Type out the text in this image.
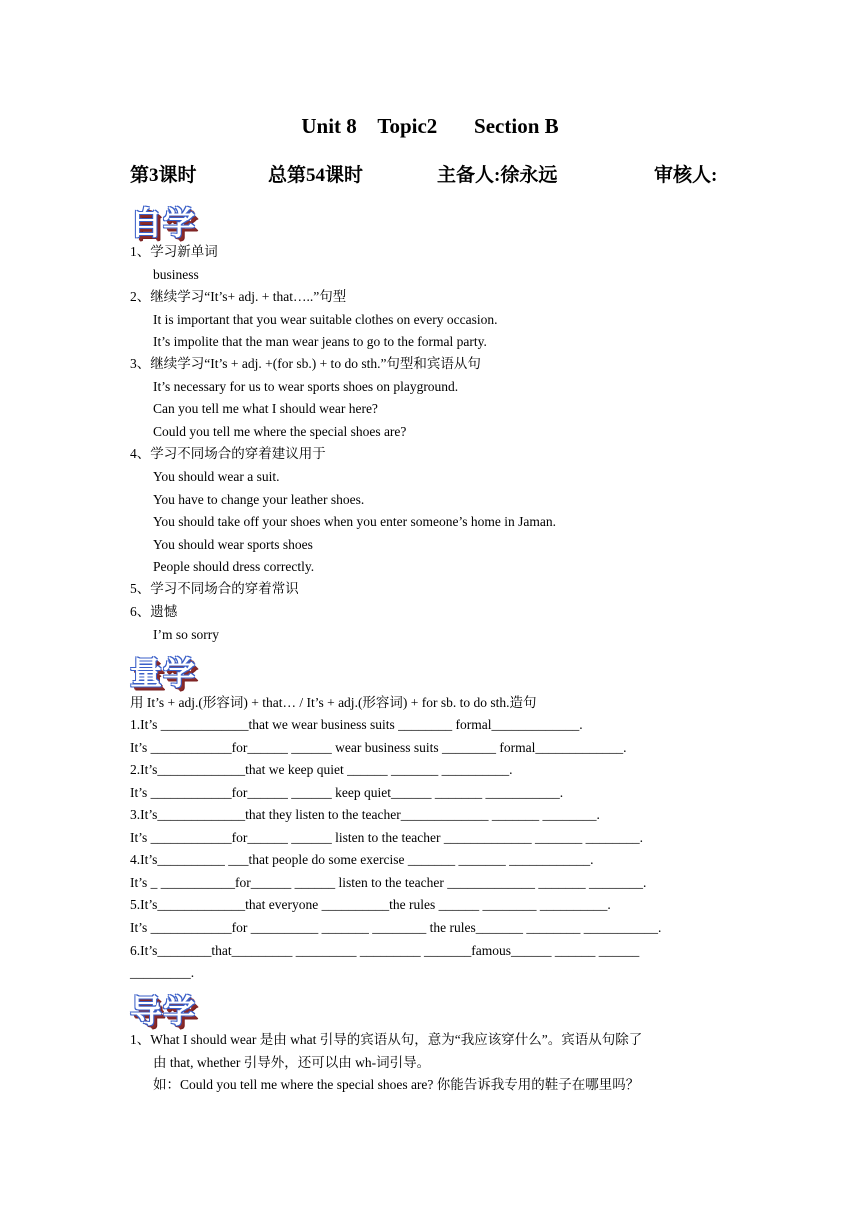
Unit 8    Topic2       Section B
第3课时	总第54课时	主备人:徐永远	审核人:
自学
1、学习新单词
business
2、继续学习“It’s+ adj. + that…..”句型
It is important that you wear suitable clothes on every occasion.
It’s impolite that the man wear jeans to go to the formal party.
3、继续学习“It’s + adj. +(for sb.) + to do sth.”句型和宾语从句
It’s necessary for us to wear sports shoes on playground.
Can you tell me what I should wear here?
Could you tell me where the special shoes are?
4、学习不同场合的穿着建议用于
You should wear a suit.
You have to change your leather shoes.
You should take off your shoes when you enter someone’s home in Jaman.
You should wear sports shoes
People should dress correctly.
5、学习不同场合的穿着常识
6、遗憾
I’m so sorry
量学
用 It’s + adj.(形容词) + that… / It’s + adj.(形容词) + for sb. to do sth.造句
1.It’s _____________that we wear business suits ________ formal_____________.
It’s ____________for______ ______ wear business suits ________ formal_____________.
2.It’s_____________that we keep quiet ______ _______ __________.
It’s ____________for______ ______ keep quiet______ _______ ___________.
3.It’s_____________that they listen to the teacher_____________ _______ ________.
It’s ____________for______ ______ listen to the teacher _____________ _______ ________.
4.It’s__________ ___that people do some exercise _______ _______ ____________.
It’s _ ___________for______ ______ listen to the teacher _____________ _______ ________.
5.It’s_____________that everyone __________the rules ______ ________ __________.
It’s ____________for __________ _______ ________ the rules_______ ________ ___________.
6.It’s________that_________ _________ _________ _______famous______ ______ ______
_________.
导学
1、What I should wear 是由 what 引导的宾语从句，意为“我应该穿什么”。宾语从句除了
由 that, whether 引导外，还可以由 wh-词引导。
如：Could you tell me where the special shoes are? 你能告诉我专用的鞋子在哪里吗？
